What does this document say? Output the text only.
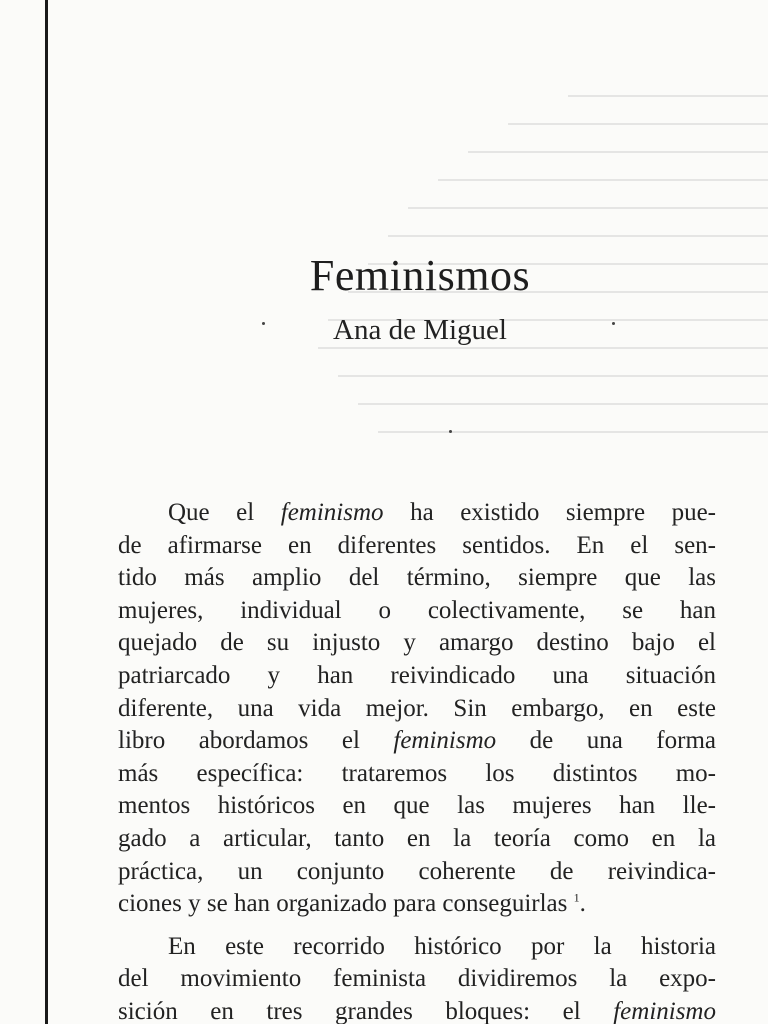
Feminismos
Ana de Miguel

Que el feminismo ha existido siempre pue-
de afirmarse en diferentes sentidos. En el sen-
tido más amplio del término, siempre que las
mujeres, individual o colectivamente, se han
quejado de su injusto y amargo destino bajo el
patriarcado y han reivindicado una situación
diferente, una vida mejor. Sin embargo, en este
libro abordamos el feminismo de una forma
más específica: trataremos los distintos mo-
mentos históricos en que las mujeres han lle-
gado a articular, tanto en la teoría como en la
práctica, un conjunto coherente de reivindica-
ciones y se han organizado para conseguirlas $^1$.

En este recorrido histórico por la historia
del movimiento feminista dividiremos la expo-
sición en tres grandes bloques: el feminismo
